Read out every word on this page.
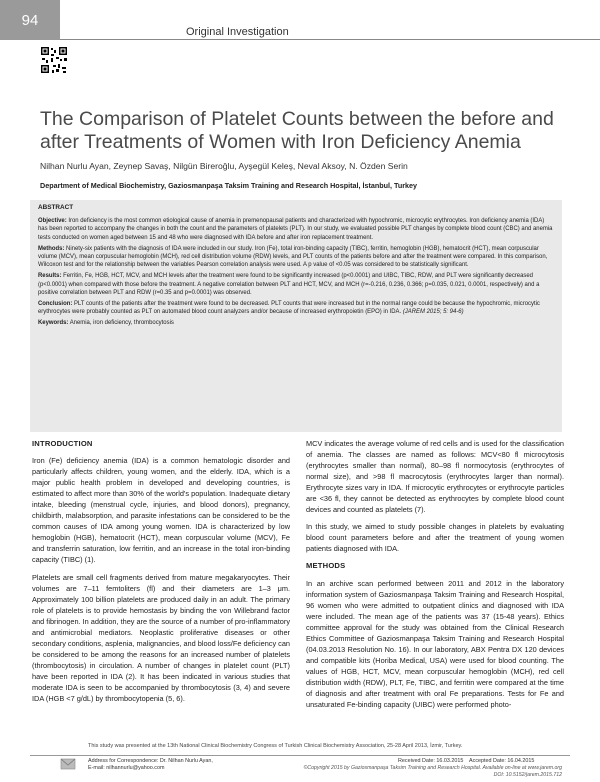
94
Original Investigation
The Comparison of Platelet Counts between the before and after Treatments of Women with Iron Deficiency Anemia
Nilhan Nurlu Ayan, Zeynep Savaş, Nilgün Bireroğlu, Ayşegül Keleş, Neval Aksoy, N. Özden Serin
Department of Medical Biochemistry, Gaziosmanpaşa Taksim Training and Research Hospital, İstanbul, Turkey
ABSTRACT

Objective: Iron deficiency is the most common etiological cause of anemia in premenopausal patients and characterized with hypochromic, microcytic erythrocytes. Iron deficiency anemia (IDA) has been reported to accompany the changes in both the count and the parameters of platelets (PLT). In our study, we evaluated possible PLT changes by complete blood count (CBC) and anemia tests conducted on women aged between 15 and 48 who were diagnosed with IDA before and after iron replacement treatment.

Methods: Ninety-six patients with the diagnosis of IDA were included in our study. Iron (Fe), total iron-binding capacity (TIBC), ferritin, hemoglobin (HGB), hematocrit (HCT), mean corpuscular volume (MCV), mean corpuscular hemoglobin (MCH), red cell distribution volume (RDW) levels, and PLT counts of the patients before and after the treatment were compared. In this comparison, Wilcoxon test and for the relationship between the variables Pearson correlation analysis were used. A p value of <0.05 was considered to be statistically significant.

Results: Ferritin, Fe, HGB, HCT, MCV, and MCH levels after the treatment were found to be significantly increased (p<0.0001) and UIBC, TIBC, RDW, and PLT were significantly decreased (p<0.0001) when compared with those before the treatment. A negative correlation between PLT and HCT, MCV, and MCH (r=-0.216, 0.236, 0.366; p=0.035, 0.021, 0.0001, respectively) and a positive correlation between PLT and RDW (r=0.35 and p=0.0001) was observed.

Conclusion: PLT counts of the patients after the treatment were found to be decreased. PLT counts that were increased but in the normal range could be because the hypochromic, microcytic erythrocytes were probably counted as PLT on automated blood count analyzers and/or because of increased erythropoietin (EPO) in IDA. (JAREM 2015; 5: 94-6)

Keywords: Anemia, iron deficiency, thrombocytosis

INTRODUCTION

Iron (Fe) deficiency anemia (IDA) is a common hematologic disorder and particularly affects children, young women, and the elderly. IDA, which is a major public health problem in developed and developing countries, is estimated to affect more than 30% of the world's population. Inadequate dietary intake, bleeding (menstrual cycle, injuries, and blood donors), pregnancy, childbirth, malabsorption, and parasite infestations can be considered to be the common causes of IDA among young women. IDA is characterized by low hemoglobin (HGB), hematocrit (HCT), mean corpuscular volume (MCV), Fe and transferrin saturation, low ferritin, and an increase in the total iron-binding capacity (TIBC) (1).

Platelets are small cell fragments derived from mature megakaryocytes. Their volumes are 7–11 femtoliters (fl) and their diameters are 1–3 μm. Approximately 100 billion platelets are produced daily in an adult. The primary role of platelets is to provide hemostasis by binding the von Willebrand factor and fibrinogen. In addition, they are the source of a number of pro-inflammatory and antimicrobial mediators. Neoplastic proliferative diseases or other secondary conditions, asplenia, malignancies, and blood loss/Fe deficiency can be considered to be among the reasons for an increased number of platelets (thrombocytosis) in circulation. A number of changes in platelet count (PLT) have been reported in IDA (2). It has been indicated in various studies that moderate IDA is seen to be accompanied by thrombocytosis (3, 4) and severe IDA (HGB <7 g/dL) by thrombocytopenia (5, 6).

MCV indicates the average volume of red cells and is used for the classification of anemia. The classes are named as follows: MCV<80 fl microcytosis (erythrocytes smaller than normal), 80–98 fl normocytosis (erythrocytes of normal size), and >98 fl macrocytosis (erythrocytes larger than normal). Erythrocyte sizes vary in IDA. If microcytic erythrocytes or erythrocyte particles are <36 fl, they cannot be detected as erythrocytes by complete blood count devices and counted as platelets (7).

In this study, we aimed to study possible changes in platelets by evaluating blood count parameters before and after the treatment of young women patients diagnosed with IDA.

METHODS

In an archive scan performed between 2011 and 2012 in the laboratory information system of Gaziosmanpaşa Taksim Training and Research Hospital, 96 women who were admitted to outpatient clinics and diagnosed with IDA were included. The mean age of the patients was 37 (15-48 years). Ethics committee approval for the study was obtained from the Clinical Research Ethics Committee of Gaziosmanpaşa Taksim Training and Research Hospital (04.03.2013 Resolution No. 16). In our laboratory, ABX Pentra DX 120 devices and compatible kits (Horiba Medical, USA) were used for blood counting. The values of HGB, HCT, MCV, mean corpuscular hemoglobin (MCH), red cell distribution width (RDW), PLT, Fe, TIBC, and ferritin were compared at the time of diagnosis and after treatment with oral Fe preparations. Tests for Fe and unsaturated Fe-binding capacity (UIBC) were performed photo-

This study was presented at the 13th National Clinical Biochemistry Congress of Turkish Clinical Biochemistry Association, 25-28 April 2013, İzmir, Turkey.
Address for Correspondence: Dr. Nilhan Nurlu Ayan,
E-mail: nilhannurlu@yahoo.com
Received Date: 16.03.2015 Accepted Date: 16.04.2015
©Copyright 2015 by Gaziosmanpaşa Taksim Training and Research Hospital. Available on-line at www.jarem.org
DOI: 10.5152/jarem.2015.712
